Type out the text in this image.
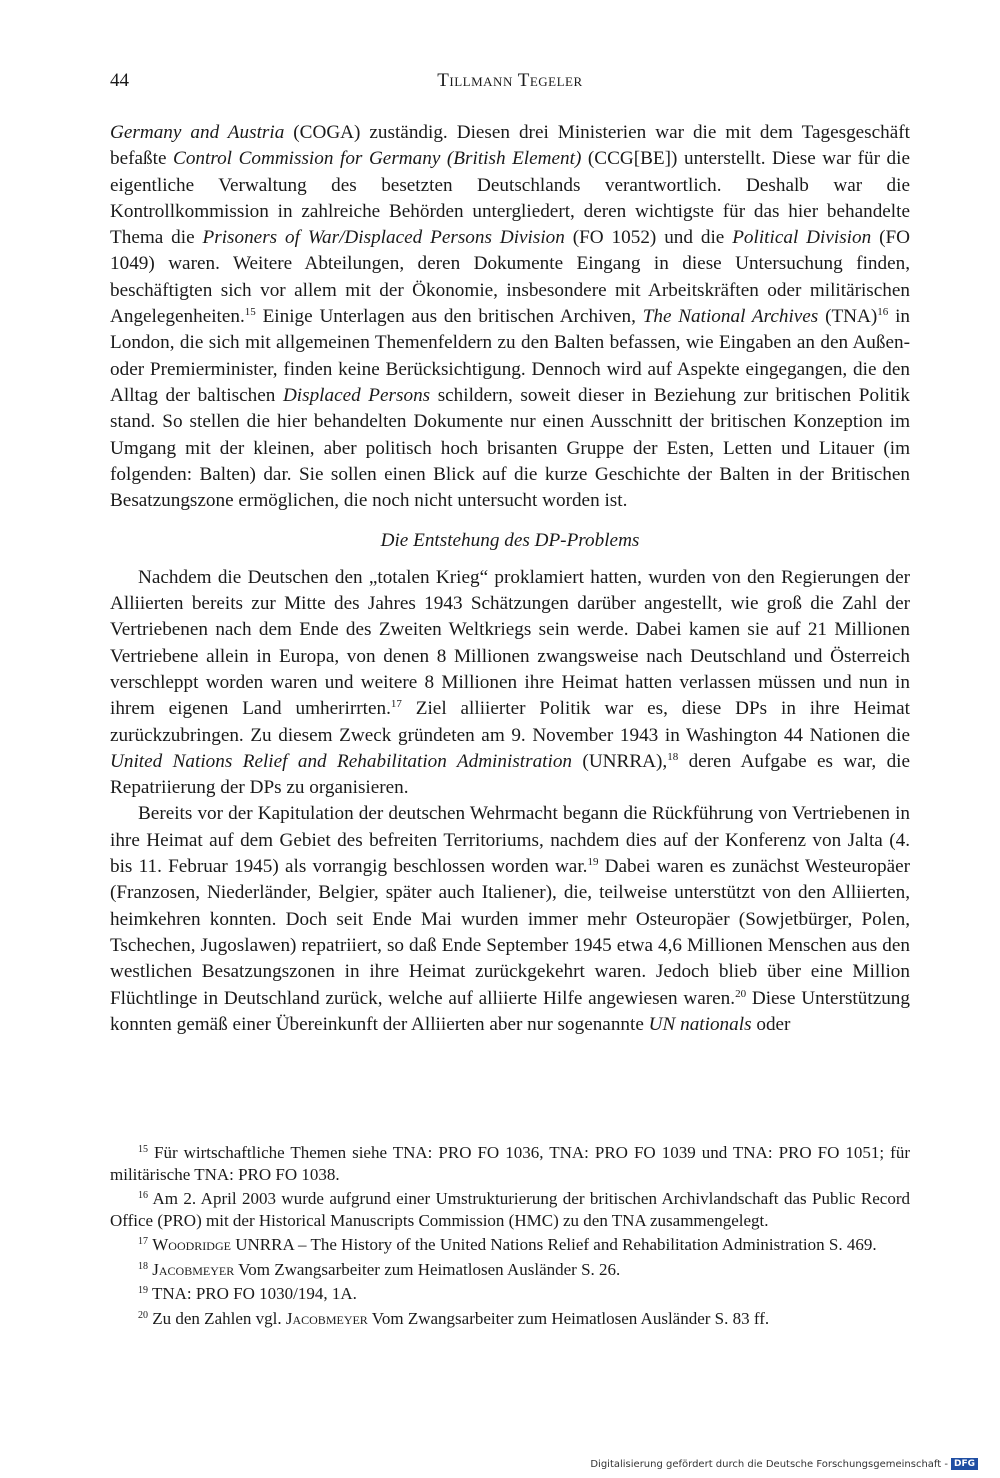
44	Tillmann Tegeler

Germany and Austria (COGA) zuständig. Diesen drei Ministerien war die mit dem Tagesgeschäft befaßte Control Commission for Germany (British Element) (CCG[BE]) unterstellt. Diese war für die eigentliche Verwaltung des besetzten Deutschlands verantwortlich. Deshalb war die Kontrollkommission in zahlreiche Behörden untergliedert, deren wichtigste für das hier behandelte Thema die Prisoners of War/Displaced Persons Division (FO 1052) und die Political Division (FO 1049) waren. Weitere Abteilungen, deren Dokumente Eingang in diese Untersuchung finden, beschäftigten sich vor allem mit der Ökonomie, insbesondere mit Arbeitskräften oder militärischen Angelegenheiten.$^{15}$ Einige Unterlagen aus den britischen Archiven, The National Archives (TNA)$^{16}$ in London, die sich mit allgemeinen Themenfeldern zu den Balten befassen, wie Eingaben an den Außen- oder Premierminister, finden keine Berücksichtigung. Dennoch wird auf Aspekte eingegangen, die den Alltag der baltischen Displaced Persons schildern, soweit dieser in Beziehung zur britischen Politik stand. So stellen die hier behandelten Dokumente nur einen Ausschnitt der britischen Konzeption im Umgang mit der kleinen, aber politisch hoch brisanten Gruppe der Esten, Letten und Litauer (im folgenden: Balten) dar. Sie sollen einen Blick auf die kurze Geschichte der Balten in der Britischen Besatzungszone ermöglichen, die noch nicht untersucht worden ist.

Die Entstehung des DP-Problems

Nachdem die Deutschen den „totalen Krieg“ proklamiert hatten, wurden von den Regierungen der Alliierten bereits zur Mitte des Jahres 1943 Schätzungen darüber angestellt, wie groß die Zahl der Vertriebenen nach dem Ende des Zweiten Weltkriegs sein werde. Dabei kamen sie auf 21 Millionen Vertriebene allein in Europa, von denen 8 Millionen zwangsweise nach Deutschland und Österreich verschleppt worden waren und weitere 8 Millionen ihre Heimat hatten verlassen müssen und nun in ihrem eigenen Land umherirrten.$^{17}$ Ziel alliierter Politik war es, diese DPs in ihre Heimat zurückzubringen. Zu diesem Zweck gründeten am 9. November 1943 in Washington 44 Nationen die United Nations Relief and Rehabilitation Administration (UNRRA),$^{18}$ deren Aufgabe es war, die Repatriierung der DPs zu organisieren.

Bereits vor der Kapitulation der deutschen Wehrmacht begann die Rückführung von Vertriebenen in ihre Heimat auf dem Gebiet des befreiten Territoriums, nachdem dies auf der Konferenz von Jalta (4. bis 11. Februar 1945) als vorrangig beschlossen worden war.$^{19}$ Dabei waren es zunächst Westeuropäer (Franzosen, Niederländer, Belgier, später auch Italiener), die, teilweise unterstützt von den Alliierten, heimkehren konnten. Doch seit Ende Mai wurden immer mehr Osteuropäer (Sowjetbürger, Polen, Tschechen, Jugoslawen) repatriiert, so daß Ende September 1945 etwa 4,6 Millionen Menschen aus den westlichen Besatzungszonen in ihre Heimat zurückgekehrt waren. Jedoch blieb über eine Million Flüchtlinge in Deutschland zurück, welche auf alliierte Hilfe angewiesen waren.$^{20}$ Diese Unterstützung konnten gemäß einer Übereinkunft der Alliierten aber nur sogenannte UN nationals oder

$^{15}$ Für wirtschaftliche Themen siehe TNA: PRO FO 1036, TNA: PRO FO 1039 und TNA: PRO FO 1051; für militärische TNA: PRO FO 1038.
$^{16}$ Am 2. April 2003 wurde aufgrund einer Umstrukturierung der britischen Archivlandschaft das Public Record Office (PRO) mit der Historical Manuscripts Commission (HMC) zu den TNA zusammengelegt.
$^{17}$ Woodridge UNRRA – The History of the United Nations Relief and Rehabilitation Administration S. 469.
$^{18}$ Jacobmeyer Vom Zwangsarbeiter zum Heimatlosen Ausländer S. 26.
$^{19}$ TNA: PRO FO 1030/194, 1A.
$^{20}$ Zu den Zahlen vgl. Jacobmeyer Vom Zwangsarbeiter zum Heimatlosen Ausländer S. 83 ff.
Digitalisierung gefördert durch die Deutsche Forschungsgemeinschaft - DFG
